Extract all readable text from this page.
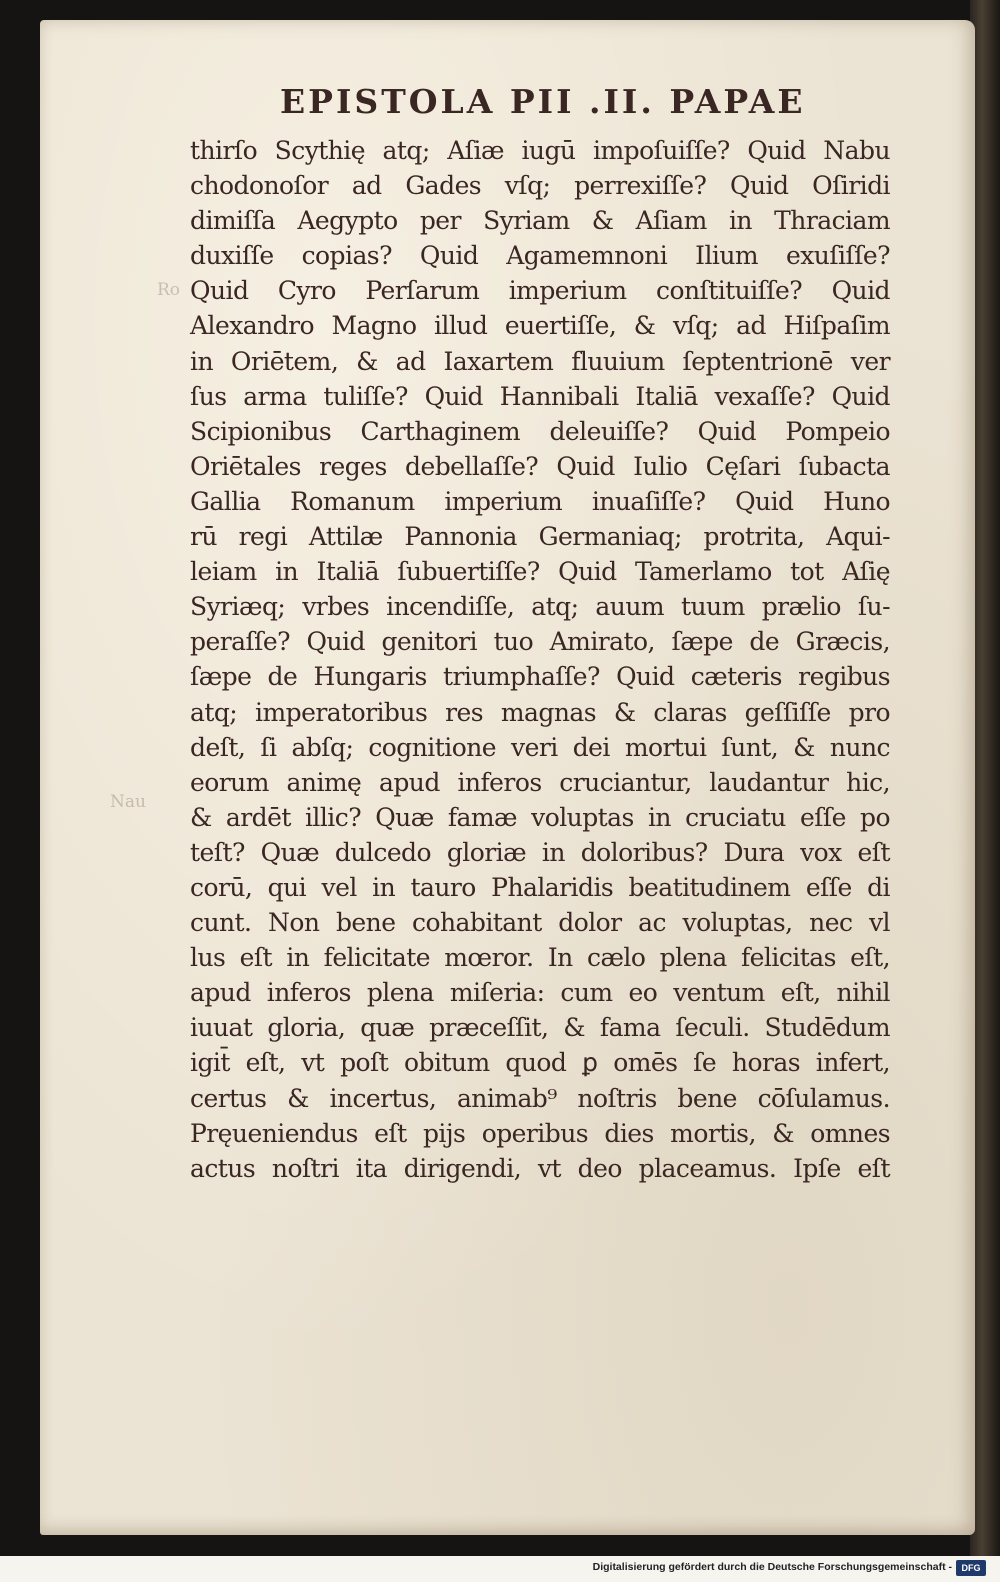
Ro
Nau
EPISTOLA PII .II. PAPAE
thirſo Scythię atq; Aſiæ iugū impoſuiſſe? Quid Nabu
chodonoſor ad Gades vſq; perrexiſſe? Quid Oſiridi
dimiſſa Aegypto per Syriam & Aſiam in Thraciam
duxiſſe copias? Quid Agamemnoni Ilium exuſiſſe?
Quid Cyro Perſarum imperium conſtituiſſe? Quid
Alexandro Magno illud euertiſſe, & vſq; ad Hiſpaſim
in Oriētem, & ad Iaxartem fluuium ſeptentrionē ver
ſus arma tuliſſe? Quid Hannibali Italiā vexaſſe? Quid
Scipionibus Carthaginem deleuiſſe? Quid Pompeio
Oriētales reges debellaſſe? Quid Iulio Cęſari ſubacta
Gallia Romanum imperium inuaſiſſe? Quid Huno
rū regi Attilæ Pannonia Germaniaq; protrita, Aqui-
leiam in Italiā ſubuertiſſe? Quid Tamerlamo tot Aſię
Syriæq; vrbes incendiſſe, atq; auum tuum prælio ſu-
peraſſe? Quid genitori tuo Amirato, ſæpe de Græcis,
ſæpe de Hungaris triumphaſſe? Quid cæteris regibus
atq; imperatoribus res magnas & claras geſſiſſe pro
deſt, ſi abſq; cognitione veri dei mortui ſunt, & nunc
eorum animę apud inferos cruciantur, laudantur hic,
& ardēt illic? Quæ famæ voluptas in cruciatu eſſe po
teſt? Quæ dulcedo gloriæ in doloribus? Dura vox eſt
corū, qui vel in tauro Phalaridis beatitudinem eſſe di
cunt. Non bene cohabitant dolor ac voluptas, nec vl
lus eſt in felicitate mœror. In cælo plena felicitas eſt,
apud inferos plena miſeria: cum eo ventum eſt, nihil
iuuat gloria, quæ præceſſit, & fama ſeculi. Studēdum
igit̄ eſt, vt poſt obitum quod ꝑ omēs ſe horas infert,
certus & incertus, animab⁹ noſtris bene cōſulamus.
Pręueniendus eſt pijs operibus dies mortis, & omnes
actus noſtri ita dirigendi, vt deo placeamus. Ipſe eſt
Digitalisierung gefördert durch die Deutsche Forschungsgemeinschaft -	DFG
